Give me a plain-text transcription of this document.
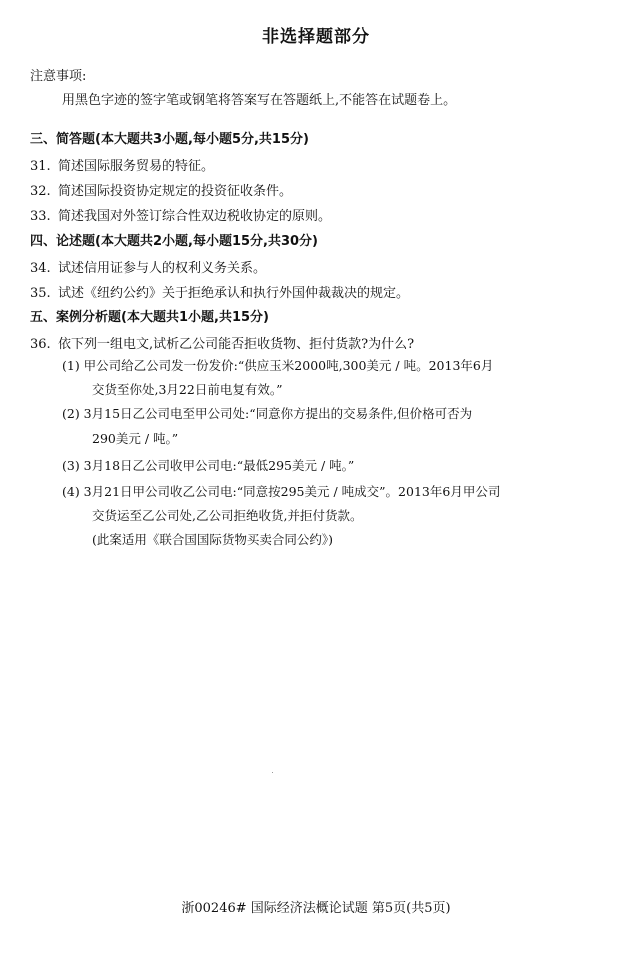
非选择题部分
注意事项:
用黑色字迹的签字笔或钢笔将答案写在答题纸上,不能答在试题卷上。
三、简答题(本大题共3小题,每小题5分,共15分)
31. 简述国际服务贸易的特征。
32. 简述国际投资协定规定的投资征收条件。
33. 简述我国对外签订综合性双边税收协定的原则。
四、论述题(本大题共2小题,每小题15分,共30分)
34. 试述信用证参与人的权利义务关系。
35. 试述《纽约公约》关于拒绝承认和执行外国仲裁裁决的规定。
五、案例分析题(本大题共1小题,共15分)
36. 依下列一组电文,试析乙公司能否拒收货物、拒付货款?为什么?
(1) 甲公司给乙公司发一份发价:“供应玉米2000吨,300美元 / 吨。2013年6月
交货至你处,3月22日前电复有效。”
(2) 3月15日乙公司电至甲公司处:“同意你方提出的交易条件,但价格可否为
290美元 / 吨。”
(3) 3月18日乙公司收甲公司电:“最低295美元 / 吨。”
(4) 3月21日甲公司收乙公司电:“同意按295美元 / 吨成交”。2013年6月甲公司
交货运至乙公司处,乙公司拒绝收货,并拒付货款。
(此案适用《联合国国际货物买卖合同公约》)
浙00246# 国际经济法概论试题 第5页(共5页)
